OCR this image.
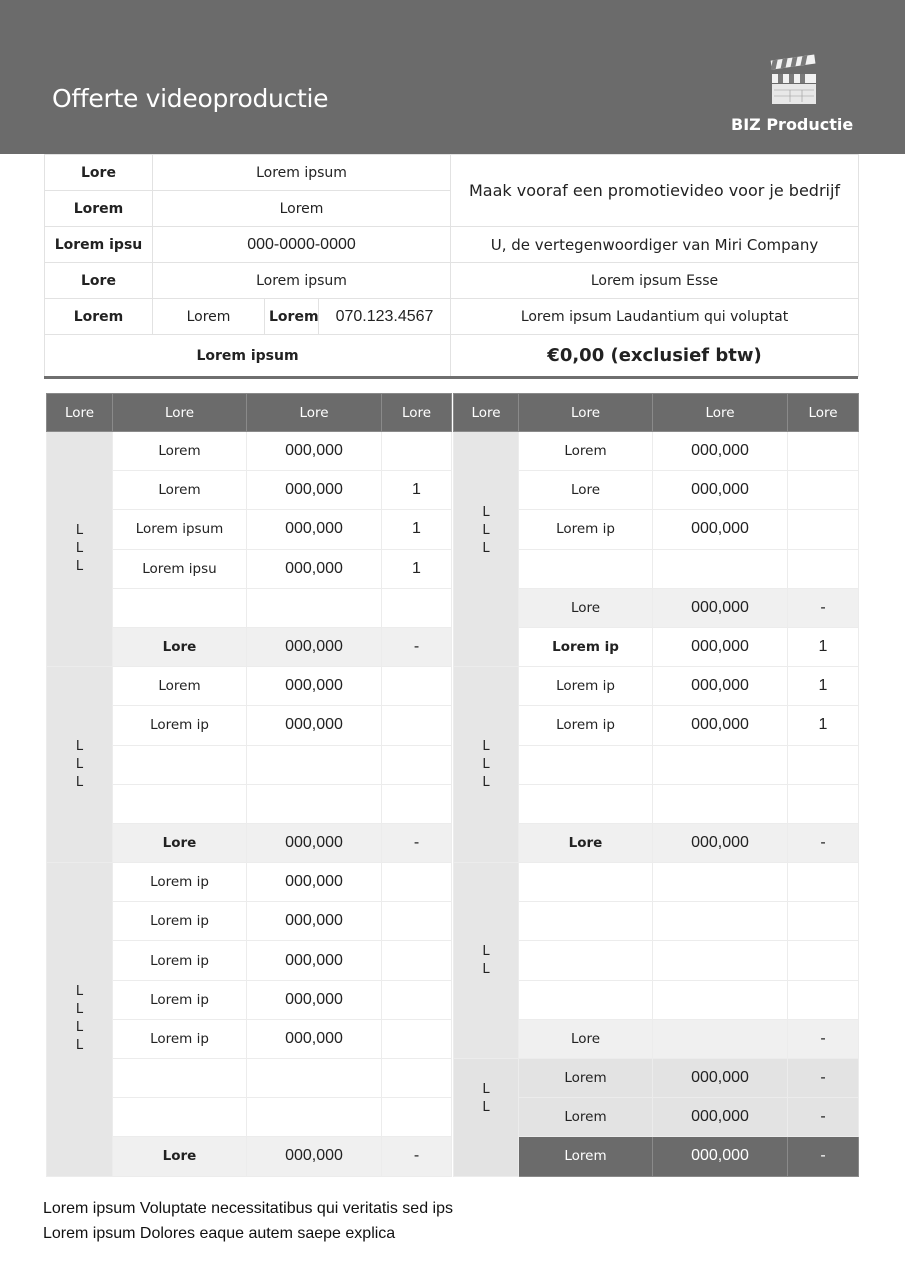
Offerte videoproductie
BIZ Productie
Lore	Lorem ipsum			Maak vooraf een promotievideo voor je bedrijf
Lorem	Lorem			
Lorem ipsu	000-0000-0000			U, de vertegenwoordiger van Miri Company
Lore	Lorem ipsum			Lorem ipsum Esse
Lorem	Lorem	Lorem	070.123.4567	Lorem ipsum Laudantium qui voluptat
Lorem ipsum				€0,00 (exclusief btw)
Lore	Lore	Lore	Lore
L
L
L	Lorem	000,000	
	Lorem	000,000	1
	Lorem ipsum	000,000	1
	Lorem ipsu	000,000	1

	Lore	000,000	-
L
L
L	Lorem	000,000	
	Lorem ip	000,000	

	Lore	000,000	-
L
L
L
L	Lorem ip	000,000	
	Lorem ip	000,000	
	Lorem ip	000,000	
	Lorem ip	000,000	
	Lorem ip	000,000	

	Lore	000,000	-
Lore	Lore	Lore	Lore
L
L
L	Lorem	000,000	
	Lore	000,000	
	Lorem ip	000,000	

	Lore	000,000	-
	Lorem ip	000,000	1
L
L
L	Lorem ip	000,000	1
	Lorem ip	000,000	1

	Lore	000,000	-
L
L			

	Lore		-
L
L	Lorem	000,000	-
	Lorem	000,000	-
	Lorem	000,000	-
Lorem ipsum Voluptate necessitatibus qui veritatis sed ips
Lorem ipsum Dolores eaque autem saepe explica
